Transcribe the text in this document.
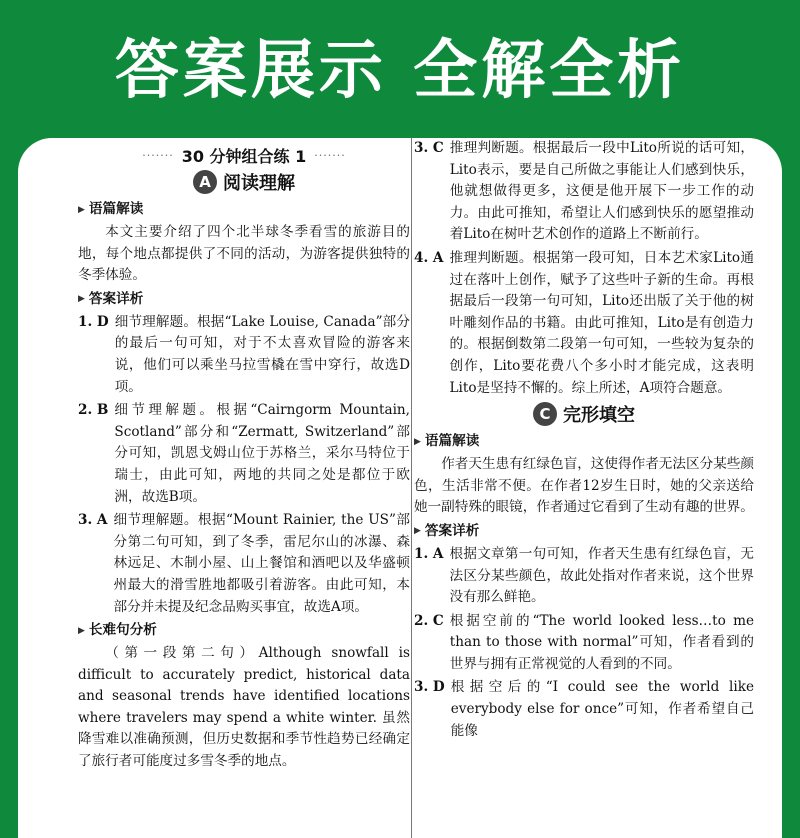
答案展示 全解全析
······· 30 分钟组合练 1 ·······
A 阅读理解
▶ 语篇解读

本文主要介绍了四个北半球冬季看雪的旅游目的地，每个地点都提供了不同的活动，为游客提供独特的冬季体验。

▶ 答案详析
1. D 细节理解题。根据“Lake Louise, Canada”部分的最后一句可知，对于不太喜欢冒险的游客来说，他们可以乘坐马拉雪橇在雪中穿行，故选D项。
2. B 细节理解题。根据“Cairngorm Mountain, Scotland”部分和“Zermatt, Switzerland”部分可知，凯恩戈姆山位于苏格兰，采尔马特位于瑞士，由此可知，两地的共同之处是都位于欧洲，故选B项。
3. A 细节理解题。根据“Mount Rainier, the US”部分第二句可知，到了冬季，雷尼尔山的冰瀑、森林远足、木制小屋、山上餐馆和酒吧以及华盛顿州最大的滑雪胜地都吸引着游客。由此可知，本部分并未提及纪念品购买事宜，故选A项。
▶ 长难句分析

（第一段第二句）Although snowfall is difficult to accurately predict, historical data and seasonal trends have identified locations where travelers may spend a white winter. 虽然降雪难以准确预测，但历史数据和季节性趋势已经确定了旅行者可能度过多雪冬季的地点。

3. C 推理判断题。根据最后一段中Lito所说的话可知，Lito表示，要是自己所做之事能让人们感到快乐，他就想做得更多，这便是他开展下一步工作的动力。由此可推知，希望让人们感到快乐的愿望推动着Lito在树叶艺术创作的道路上不断前行。
4. A 推理判断题。根据第一段可知，日本艺术家Lito通过在落叶上创作，赋予了这些叶子新的生命。再根据最后一段第一句可知，Lito还出版了关于他的树叶雕刻作品的书籍。由此可推知，Lito是有创造力的。根据倒数第二段第一句可知，一些较为复杂的创作，Lito要花费八个多小时才能完成，这表明Lito是坚持不懈的。综上所述，A项符合题意。
C 完形填空
▶ 语篇解读

作者天生患有红绿色盲，这使得作者无法区分某些颜色，生活非常不便。在作者12岁生日时，她的父亲送给她一副特殊的眼镜，作者通过它看到了生动有趣的世界。

▶ 答案详析
1. A 根据文章第一句可知，作者天生患有红绿色盲，无法区分某些颜色，故此处指对作者来说，这个世界没有那么鲜艳。
2. C 根据空前的“The world looked less…to me than to those with normal”可知，作者看到的世界与拥有正常视觉的人看到的不同。
3. D 根据空后的“I could see the world like everybody else for once”可知，作者希望自己能像
